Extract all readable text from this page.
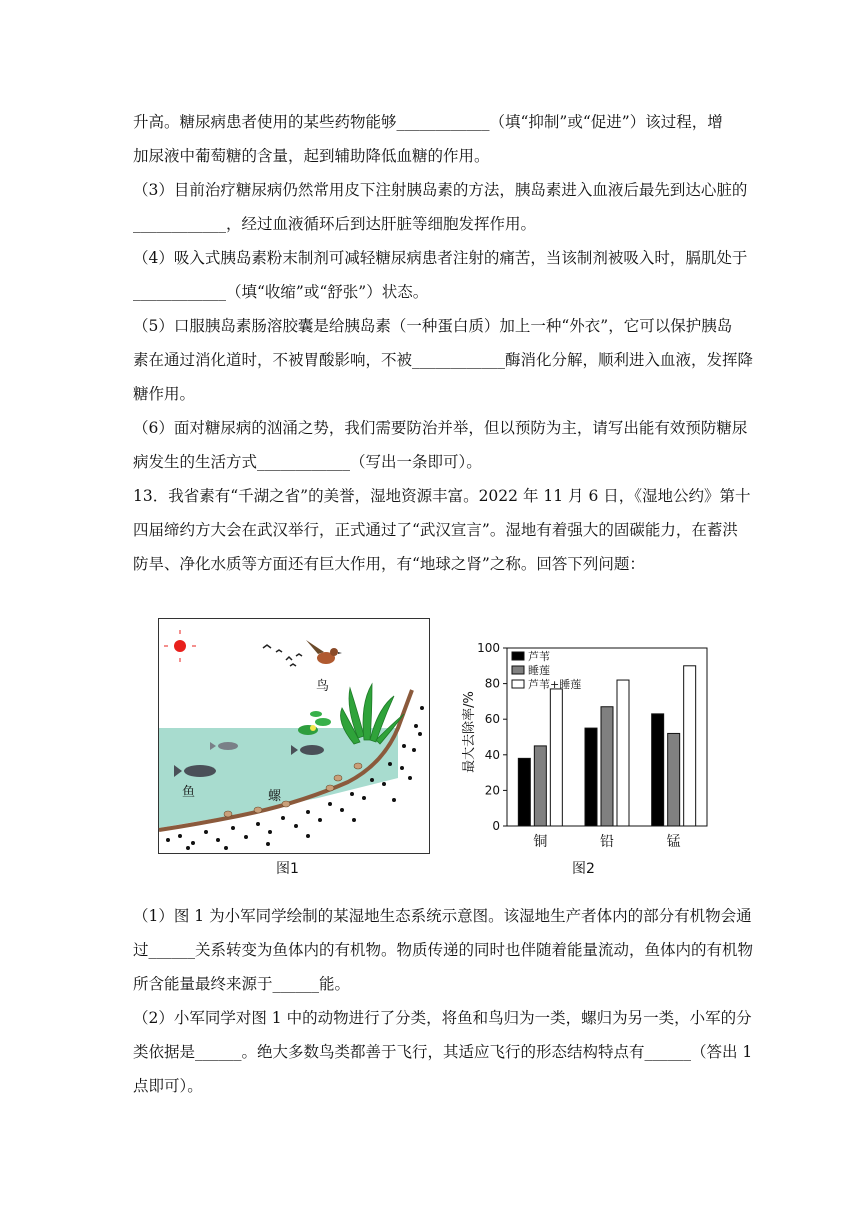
升高。糖尿病患者使用的某些药物能够____________（填“抑制”或“促进”）该过程，增
加尿液中葡萄糖的含量，起到辅助降低血糖的作用。
（3）目前治疗糖尿病仍然常用皮下注射胰岛素的方法，胰岛素进入血液后最先到达心脏的
____________，经过血液循环后到达肝脏等细胞发挥作用。
（4）吸入式胰岛素粉末制剂可减轻糖尿病患者注射的痛苦，当该制剂被吸入时，膈肌处于
____________（填“收缩”或“舒张”）状态。
（5）口服胰岛素肠溶胶囊是给胰岛素（一种蛋白质）加上一种“外衣”，它可以保护胰岛
素在通过消化道时，不被胃酸影响，不被____________酶消化分解，顺利进入血液，发挥降
糖作用。
（6）面对糖尿病的汹涌之势，我们需要防治并举，但以预防为主，请写出能有效预防糖尿
病发生的生活方式____________（写出一条即可）。
13．我省素有“千湖之省”的美誉，湿地资源丰富。2022 年 11 月 6 日，《湿地公约》第十
四届缔约方大会在武汉举行，正式通过了“武汉宣言”。湿地有着强大的固碳能力，在蓄洪
防旱、净化水质等方面还有巨大作用，有“地球之肾”之称。回答下列问题：
（1）图 1 为小军同学绘制的某湿地生态系统示意图。该湿地生产者体内的部分有机物会通
过______关系转变为鱼体内的有机物。物质传递的同时也伴随着能量流动，鱼体内的有机物
所含能量最终来源于______能。
（2）小军同学对图 1 中的动物进行了分类，将鱼和鸟归为一类，螺归为另一类，小军的分
类依据是______。绝大多数鸟类都善于飞行，其适应飞行的形态结构特点有______（答出 1
点即可）。
鸟
鱼	螺
图1
最大去除率/%
0
20
40
60
80
100
铜	铅	锰
芦苇
睡莲
芦苇+睡莲
图2
